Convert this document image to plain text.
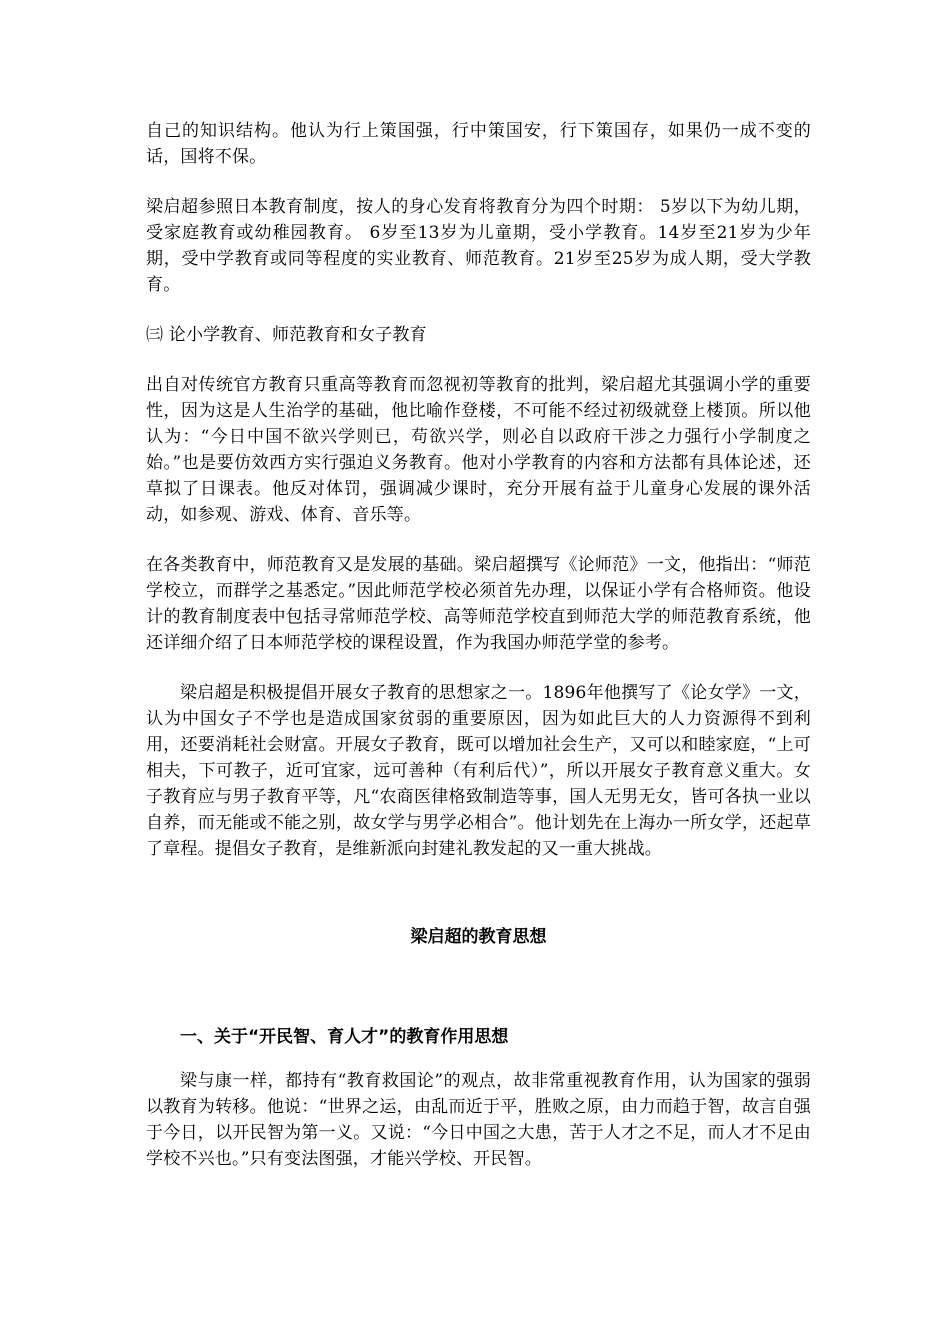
自己的知识结构。他认为行上策国强，行中策国安，行下策国存，如果仍一成不变的话，国将不保。

梁启超参照日本教育制度，按人的身心发育将教育分为四个时期： 5岁以下为幼儿期，受家庭教育或幼稚园教育。 6岁至13岁为儿童期，受小学教育。14岁至21岁为少年期，受中学教育或同等程度的实业教育、师范教育。21岁至25岁为成人期，受大学教育。

㈢ 论小学教育、师范教育和女子教育

出自对传统官方教育只重高等教育而忽视初等教育的批判，梁启超尤其强调小学的重要性，因为这是人生治学的基础，他比喻作登楼，不可能不经过初级就登上楼顶。所以他认为：“今日中国不欲兴学则已，苟欲兴学，则必自以政府干涉之力强行小学制度之始。”也是要仿效西方实行强迫义务教育。他对小学教育的内容和方法都有具体论述，还草拟了日课表。他反对体罚，强调减少课时，充分开展有益于儿童身心发展的课外活动，如参观、游戏、体育、音乐等。

在各类教育中，师范教育又是发展的基础。梁启超撰写《论师范》一文，他指出：“师范学校立，而群学之基悉定。”因此师范学校必须首先办理，以保证小学有合格师资。他设计的教育制度表中包括寻常师范学校、高等师范学校直到师范大学的师范教育系统，他还详细介绍了日本师范学校的课程设置，作为我国办师范学堂的参考。

梁启超是积极提倡开展女子教育的思想家之一。1896年他撰写了《论女学》一文，认为中国女子不学也是造成国家贫弱的重要原因，因为如此巨大的人力资源得不到利用，还要消耗社会财富。开展女子教育，既可以增加社会生产，又可以和睦家庭，“上可相夫，下可教子，近可宜家，远可善种（有利后代）”，所以开展女子教育意义重大。女子教育应与男子教育平等，凡“农商医律格致制造等事，国人无男无女，皆可各执一业以自养，而无能或不能之别，故女学与男学必相合”。他计划先在上海办一所女学，还起草了章程。提倡女子教育，是维新派向封建礼教发起的又一重大挑战。

梁启超的教育思想
一、关于“开民智、育人才”的教育作用思想

梁与康一样，都持有“教育救国论”的观点，故非常重视教育作用，认为国家的强弱以教育为转移。他说：“世界之运，由乱而近于平，胜败之原，由力而趋于智，故言自强于今日，以开民智为第一义。又说：“今日中国之大患，苦于人才之不足，而人才不足由学校不兴也。”只有变法图强，才能兴学校、开民智。
